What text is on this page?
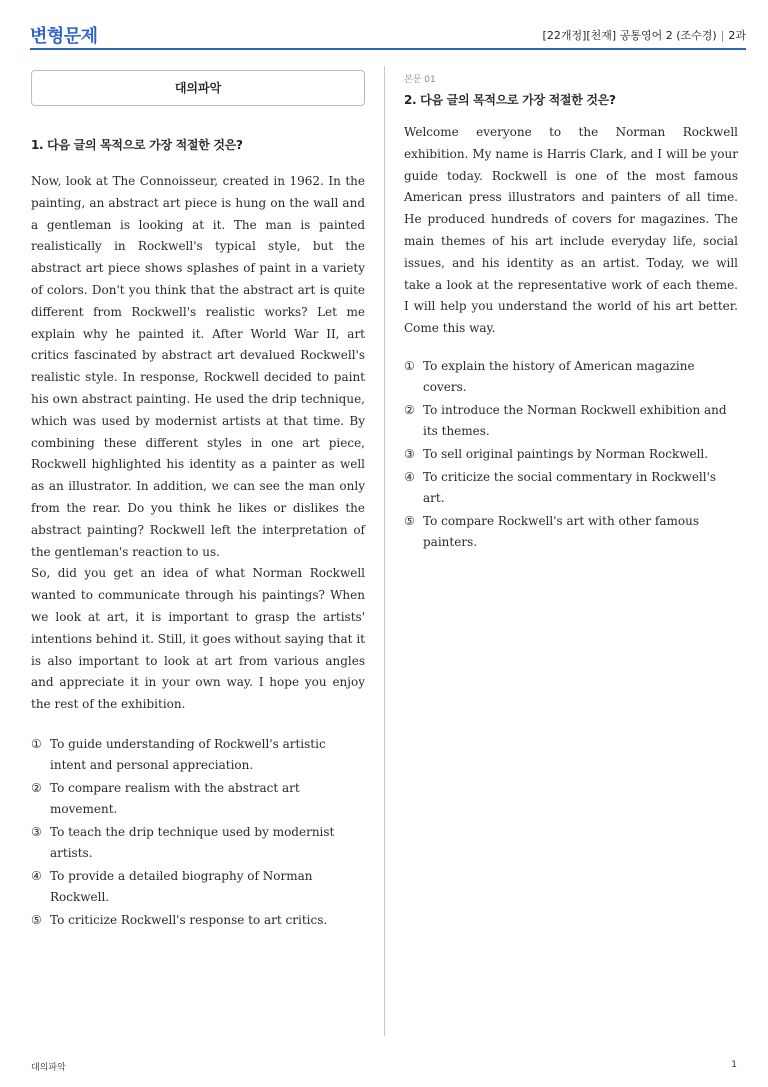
변형문제	[22개정][천재] 공통영어 2 (조수경) | 2과
대의파악
1. 다음 글의 목적으로 가장 적절한 것은?

Now, look at The Connoisseur, created in 1962. In the painting, an abstract art piece is hung on the wall and a gentleman is looking at it. The man is painted realistically in Rockwell's typical style, but the abstract art piece shows splashes of paint in a variety of colors. Don't you think that the abstract art is quite different from Rockwell's realistic works? Let me explain why he painted it. After World War II, art critics fascinated by abstract art devalued Rockwell's realistic style. In response, Rockwell decided to paint his own abstract painting. He used the drip technique, which was used by modernist artists at that time. By combining these different styles in one art piece, Rockwell highlighted his identity as a painter as well as an illustrator. In addition, we can see the man only from the rear. Do you think he likes or dislikes the abstract painting? Rockwell left the interpretation of the gentleman's reaction to us.

So, did you get an idea of what Norman Rockwell wanted to communicate through his paintings? When we look at art, it is important to grasp the artists' intentions behind it. Still, it goes without saying that it is also important to look at art from various angles and appreciate it in your own way. I hope you enjoy the rest of the exhibition.

① To guide understanding of Rockwell's artistic intent and personal appreciation.
② To compare realism with the abstract art movement.
③ To teach the drip technique used by modernist artists.
④ To provide a detailed biography of Norman Rockwell.
⑤ To criticize Rockwell's response to art critics.
본문 01
2. 다음 글의 목적으로 가장 적절한 것은?

Welcome everyone to the Norman Rockwell exhibition. My name is Harris Clark, and I will be your guide today. Rockwell is one of the most famous American press illustrators and painters of all time. He produced hundreds of covers for magazines. The main themes of his art include everyday life, social issues, and his identity as an artist. Today, we will take a look at the representative work of each theme. I will help you understand the world of his art better. Come this way.

① To explain the history of American magazine covers.
② To introduce the Norman Rockwell exhibition and its themes.
③ To sell original paintings by Norman Rockwell.
④ To criticize the social commentary in Rockwell's art.
⑤ To compare Rockwell's art with other famous painters.
대의파악	1
